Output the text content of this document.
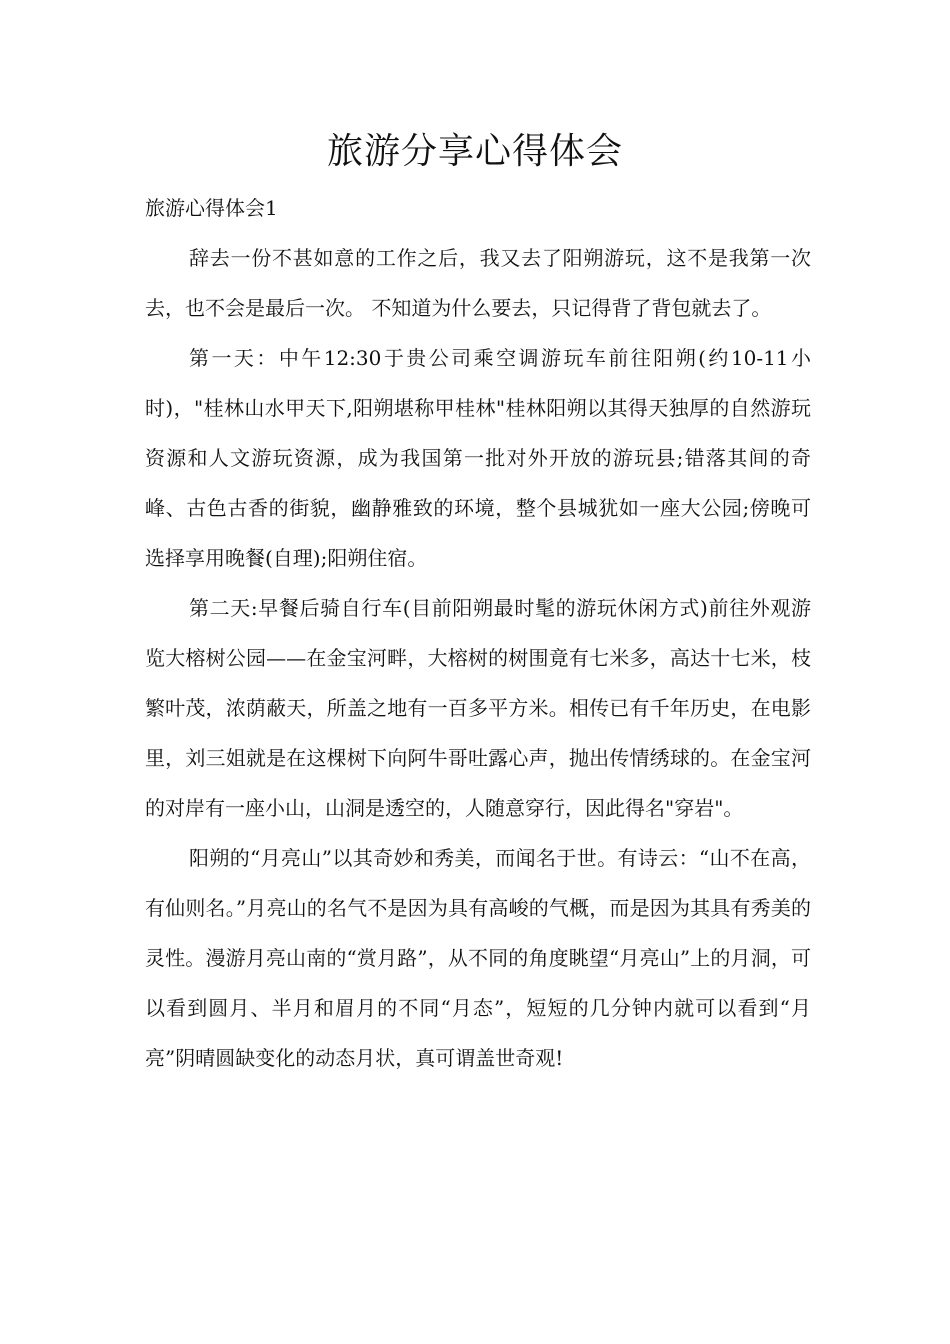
旅游分享心得体会

旅游心得体会1

辞去一份不甚如意的工作之后，我又去了阳朔游玩，这不是我第一次去，也不会是最后一次。 不知道为什么要去，只记得背了背包就去了。

第一天：中午12:30于贵公司乘空调游玩车前往阳朔(约10-11小时)，"桂林山水甲天下,阳朔堪称甲桂林"桂林阳朔以其得天独厚的自然游玩资源和人文游玩资源，成为我国第一批对外开放的游玩县;错落其间的奇峰、古色古香的街貌，幽静雅致的环境，整个县城犹如一座大公园;傍晚可选择享用晚餐(自理);阳朔住宿。

第二天:早餐后骑自行车(目前阳朔最时髦的游玩休闲方式)前往外观游览大榕树公园——在金宝河畔，大榕树的树围竟有七米多，高达十七米，枝繁叶茂，浓荫蔽天，所盖之地有一百多平方米。相传已有千年历史，在电影里，刘三姐就是在这棵树下向阿牛哥吐露心声，抛出传情绣球的。在金宝河的对岸有一座小山，山洞是透空的，人随意穿行，因此得名"穿岩"。

阳朔的“月亮山”以其奇妙和秀美，而闻名于世。有诗云：“山不在高，有仙则名。”月亮山的名气不是因为具有高峻的气概，而是因为其具有秀美的灵性。漫游月亮山南的“赏月路”，从不同的角度眺望“月亮山”上的月洞，可以看到圆月、半月和眉月的不同“月态”，短短的几分钟内就可以看到“月亮”阴晴圆缺变化的动态月状，真可谓盖世奇观!
